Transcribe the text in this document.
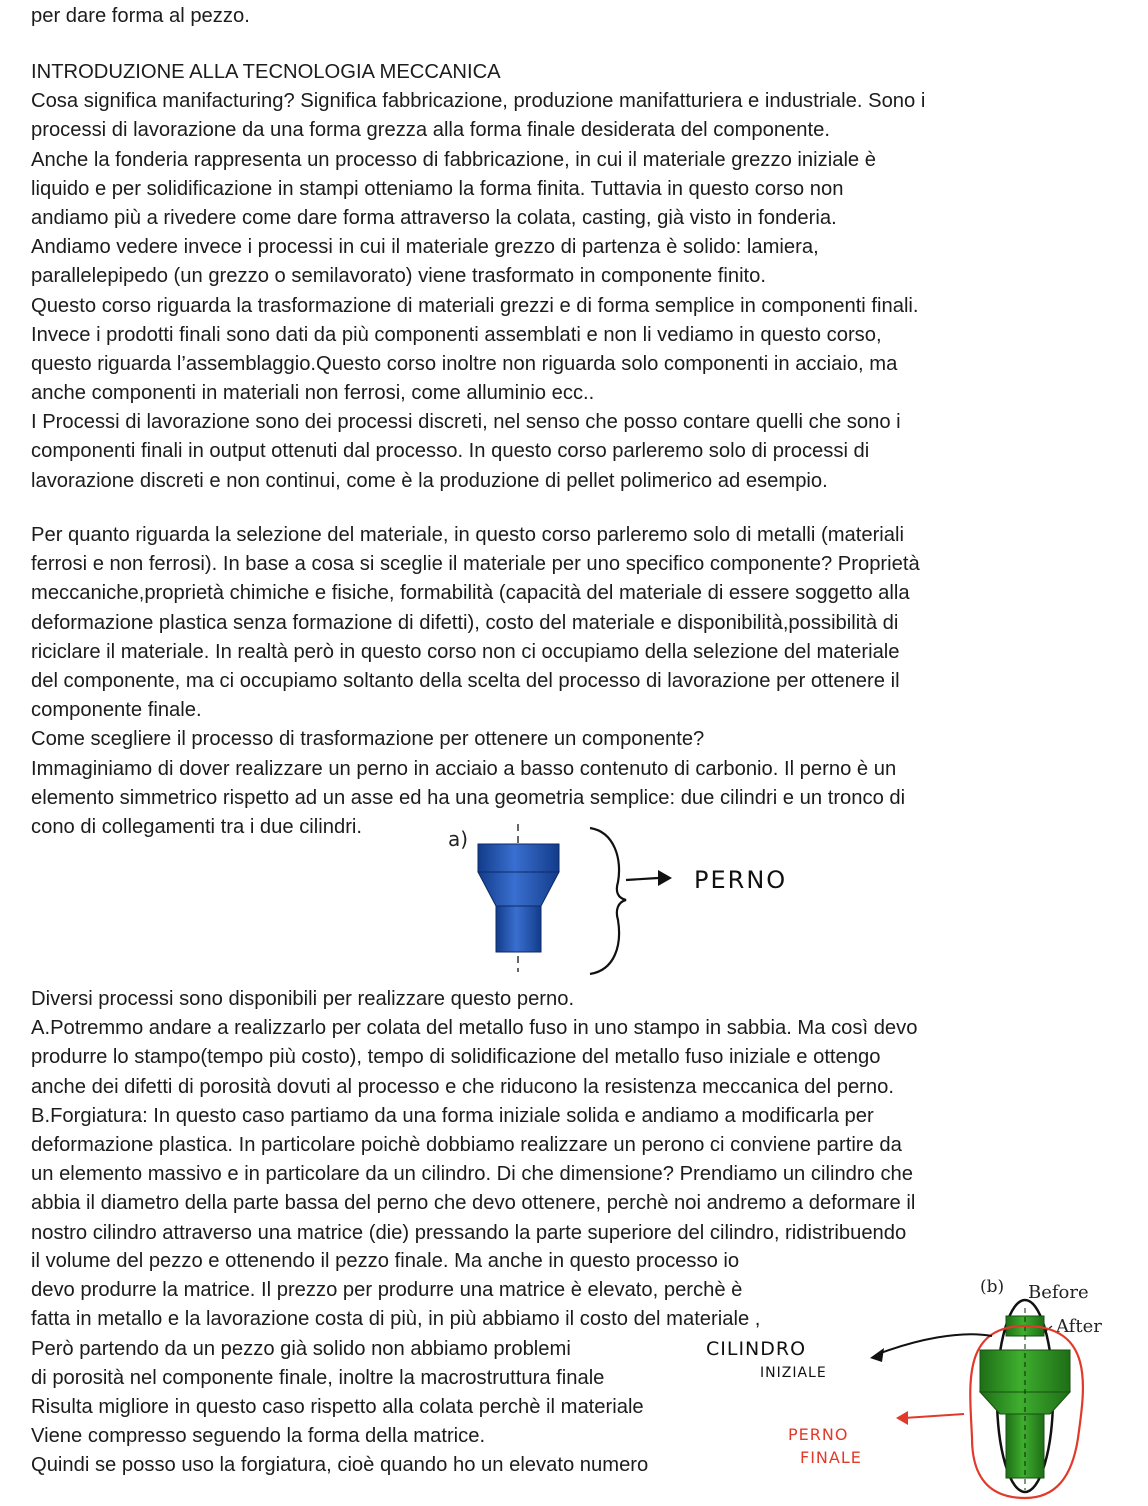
per dare forma al pezzo.
INTRODUZIONE ALLA TECNOLOGIA MECCANICA
Cosa significa manifacturing? Significa fabbricazione, produzione manifatturiera e industriale. Sono i
processi di lavorazione da una forma grezza alla forma finale desiderata del componente.
Anche la fonderia rappresenta un processo di fabbricazione, in cui il materiale grezzo iniziale è
liquido e per solidificazione in stampi otteniamo la forma finita. Tuttavia in questo corso non
andiamo più a rivedere come dare forma attraverso la colata, casting, già visto in fonderia.
Andiamo vedere invece i processi in cui il materiale grezzo di partenza è solido: lamiera,
parallelepipedo (un grezzo o semilavorato) viene trasformato in componente finito.
Questo corso riguarda la trasformazione di materiali grezzi e di forma semplice in componenti finali.
Invece i prodotti finali sono dati da più componenti assemblati e non li vediamo in questo corso,
questo riguarda l’assemblaggio.Questo corso inoltre non riguarda solo componenti in acciaio, ma
anche componenti in materiali non ferrosi, come alluminio ecc..
I Processi di lavorazione sono dei processi discreti, nel senso che posso contare quelli che sono i
componenti finali in output ottenuti dal processo. In questo corso parleremo solo di processi di
lavorazione discreti e non continui, come è la produzione di pellet polimerico ad esempio.
Per quanto riguarda la selezione del materiale, in questo corso parleremo solo di metalli (materiali
ferrosi e non ferrosi). In base a cosa si sceglie il materiale per uno specifico componente? Proprietà
meccaniche,proprietà chimiche e fisiche, formabilità (capacità del materiale di essere soggetto alla
deformazione plastica senza formazione di difetti), costo del materiale e disponibilità,possibilità di
riciclare il materiale. In realtà però in questo corso non ci occupiamo della selezione del materiale
del componente, ma ci occupiamo soltanto della scelta del processo di lavorazione per ottenere il
componente finale.
Come scegliere il processo di trasformazione per ottenere un componente?
Immaginiamo di dover realizzare un perno in acciaio a basso contenuto di carbonio. Il perno è un
elemento simmetrico rispetto ad un asse ed ha una geometria semplice: due cilindri e un tronco di
cono di collegamenti tra i due cilindri.
a)
PERNO
Diversi processi sono disponibili per realizzare questo perno.
A.Potremmo andare a realizzarlo per colata del metallo fuso in uno stampo in sabbia. Ma così devo
produrre lo stampo(tempo più costo), tempo di solidificazione del metallo fuso iniziale e ottengo
anche dei difetti di porosità dovuti al processo e che riducono la resistenza meccanica del perno.
B.Forgiatura: In questo caso partiamo da una forma iniziale solida e andiamo a modificarla per
deformazione plastica. In particolare poichè dobbiamo realizzare un perono ci conviene partire da
un elemento massivo e in particolare da un cilindro. Di che dimensione? Prendiamo un cilindro che
abbia il diametro della parte bassa del perno che devo ottenere, perchè noi andremo a deformare il
nostro cilindro attraverso una matrice (die) pressando la parte superiore del cilindro, ridistribuendo
il volume del pezzo e ottenendo il pezzo finale. Ma anche in questo processo io
devo produrre la matrice. Il prezzo per produrre una matrice è elevato, perchè è
fatta in metallo e la lavorazione costa di più, in più abbiamo il costo del materiale ,
Però partendo da un pezzo già solido non abbiamo problemi
di porosità nel componente finale, inoltre la macrostruttura finale
Risulta migliore in questo caso rispetto alla colata perchè il materiale
Viene compresso seguendo la forma della matrice.
Quindi se posso uso la forgiatura, cioè quando ho un elevato numero
CILINDRO
INIZIALE
PERNO
FINALE
(b) Before
After
